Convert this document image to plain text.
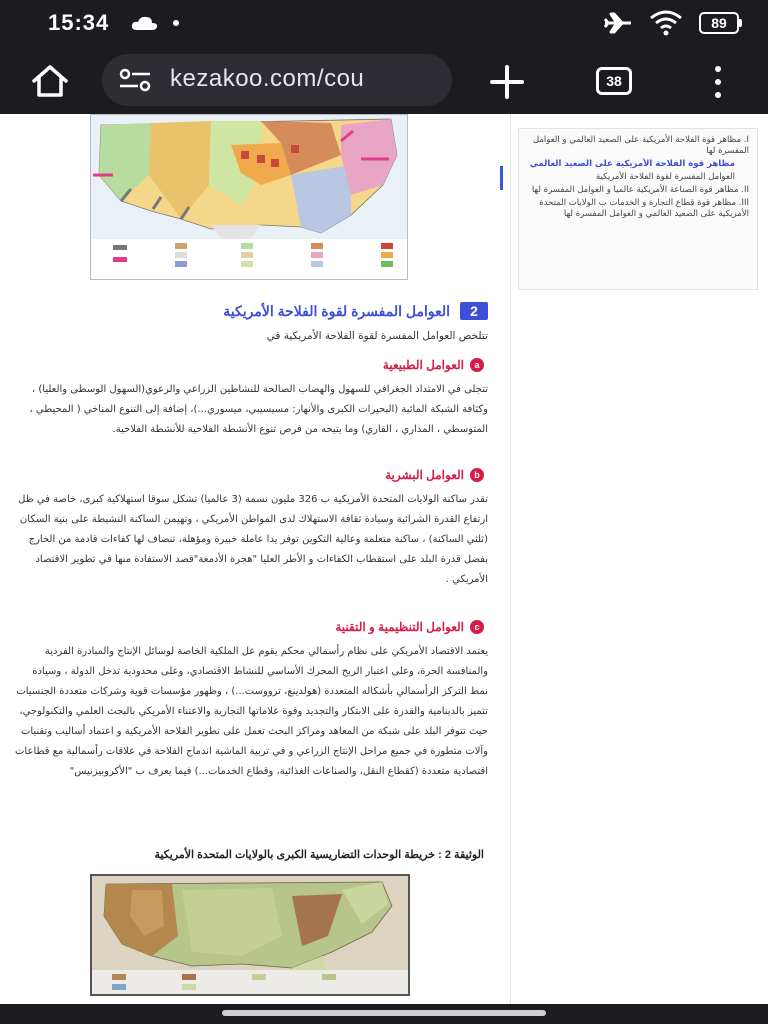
15:34	89
kezakoo.com/cou	38
2
العوامل المفسرة لقوة الفلاحة الأمريكية
تتلخص العوامل المفسرة لقوة الفلاحة الأمريكية في
a
العوامل الطبيعية
تتجلى في الامتداد الجغرافي للسهول والهضاب الصالحة للنشاطين الزراعي والرعوي(السهول الوسطى والعليا) ، وكثافة الشبكة المائية (البحيرات الكبرى والأنهار: مسيسيبي، ميسوري...)، إضافة إلى التنوع المناخي ( المحيطي ، المتوسطي ، المداري ، القاري) وما يتيحه من فرص تنوع الأنشطة الفلاحية للأنشطة الفلاحية.
b
العوامل البشرية
تقدر ساكنة الولايات المتحدة الأمريكية ب 326 مليون نسمة (3 عالميا) تشكل سوقا استهلاكية كبرى، خاصة في ظل ارتفاع القدرة الشرائية وسيادة ثقافة الاستهلاك لدى المواطن الأمريكي ، وتهيمن الساكنة النشيطة على بنية السكان (ثلثي الساكنة) ، ساكنة متعلمة وعالية التكوين توفر يدا عاملة خبيرة ومؤهلة، تنضاف لها كفاءات قادمة من الخارج بفضل قدرة البلد على استقطاب الكفاءات و الأطر العليا "هجرة الأدمغة"قصد الاستفادة منها في تطوير الاقتصاد الأمريكي .
c
العوامل التنظيمية و التقنية
يعتمد الاقتصاد الأمريكي على نظام رأسمالي محكم يقوم عل الملكية الخاصة لوسائل الإنتاج والمبادرة الفردية والمنافسة الحرة، وعلى اعتبار الربح المحرك الأساسي للنشاط الاقتصادي، وعلى محدودية تدخل الدولة ، وسيادة نمط التركز الرأسمالي بأشكاله المتعددة (هولدينغ، ترووست...) ، وظهور مؤسسات قوية وشركات متعددة الجنسيات تتميز بالدينامية والقدرة على الابتكار والتجديد وقوة علاماتها التجارية والاعتناء الأمريكي بالبحث العلمي والتكنولوجي، حيث تتوفر البلد على شبكة من المعاهد ومراكز البحث تعمل على تطوير الفلاحة الأمريكية و اعتماد أساليب وتقنيات وآلات متطورة في جميع مراحل الإنتاج الزراعي و في تربية الماشية اندماج الفلاحة في علاقات رأسمالية مع قطاعات اقتصادية متعددة (كقطاع النقل، والصناعات الغذائية، وقطاع الخدمات...) فيما يعرف ب "الأكروبيزنيس"
الوثيقة 2 : خريطة الوحدات التضاريسية الكبرى بالولايات المتحدة الأمريكية
I. مظاهر قوة الفلاحة الأمريكية على الصعيد العالمي و العوامل المفسرة لها
مظاهر قوة الفلاحة الأمريكية على الصعيد العالمي
العوامل المفسرة لقوة الفلاحة الأمريكية
II. مظاهر قوة الصناعة الأمريكية عالميا و العوامل المفسرة لها
III. مظاهر قوة قطاع التجارة و الخدمات ب الولايات المتحدة الأمريكية على الصعيد العالمي و العوامل المفسرة لها
